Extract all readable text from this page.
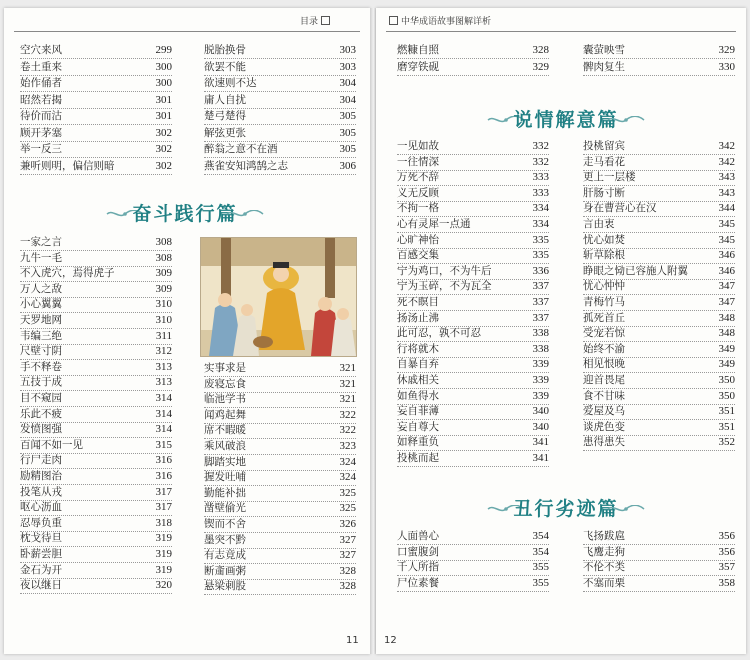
目录
11
奋斗践行篇
中华成语故事图解详析
12
说情解意篇
丑行劣迹篇
空穴来风	299
卷土重来	300
始作俑者	300
昭然若揭	301
待价而沽	301
顾开茅塞	302
举一反三	302
兼听则明，偏信则暗	302
脱胎换骨	303
欲罢不能	303
欲速则不达	304
庸人自扰	304
楚弓楚得	305
解弦更张	305
醉翁之意不在酒	305
燕雀安知鸿鹄之志	306
一家之言	308
九牛一毛	308
不入虎穴，焉得虎子	309
万人之敌	309
小心翼翼	310
天罗地网	310
韦编三绝	311
尺壁寸阴	312
手不释卷	313
五技于成	313
目不窥园	314
乐此不疲	314
发愤图强	314
百闻不如一见	315
行尸走肉	316
励精图治	316
投笔从戎	317
呕心沥血	317
忍辱负重	318
枕戈待旦	319
卧薪尝胆	319
金石为开	319
夜以继日	320
实事求是	321
废寝忘食	321
临池学书	321
闻鸡起舞	322
席不暇暖	322
乘风破浪	323
脚踏实地	324
握发吐哺	324
勤能补拙	325
凿壁偷光	325
锲而不舍	326
墨突不黔	327
有志竟成	327
断齑画粥	328
悬梁刺股	328
燃糠自照	328
磨穿铁砚	329
囊萤映雪	329
髀肉复生	330
一见如故	332
一往情深	332
万死不辞	333
义无反顾	333
不拘一格	334
心有灵犀一点通	334
心旷神怡	335
百感交集	335
宁为鸡口，不为牛后	336
宁为玉碎，不为瓦全	337
死不瞑目	337
扬汤止沸	337
此可忍，孰不可忍	338
行将就木	338
自暴自弃	339
休戚相关	339
如鱼得水	339
妄自菲薄	340
妄自尊大	340
如释重负	341
投桃而起	341
投桃留宾	342
走马看花	342
更上一层楼	343
肝肠寸断	343
身在曹营心在汉	344
言由衷	345
忧心如焚	345
斩草除根	346
睁眼之恸已容施人附翼	346
忧心忡忡	347
青梅竹马	347
孤死首丘	348
受宠若惊	348
始终不渝	349
相见恨晚	349
迎首畏尾	350
食不甘味	350
爱屋及乌	351
谈虎色变	351
患得患失	352
人面兽心	354
口蜜腹剑	354
千人所指	355
尸位素餐	355
飞扬跋扈	356
飞鹰走狗	356
不伦不类	357
不塞而栗	358
